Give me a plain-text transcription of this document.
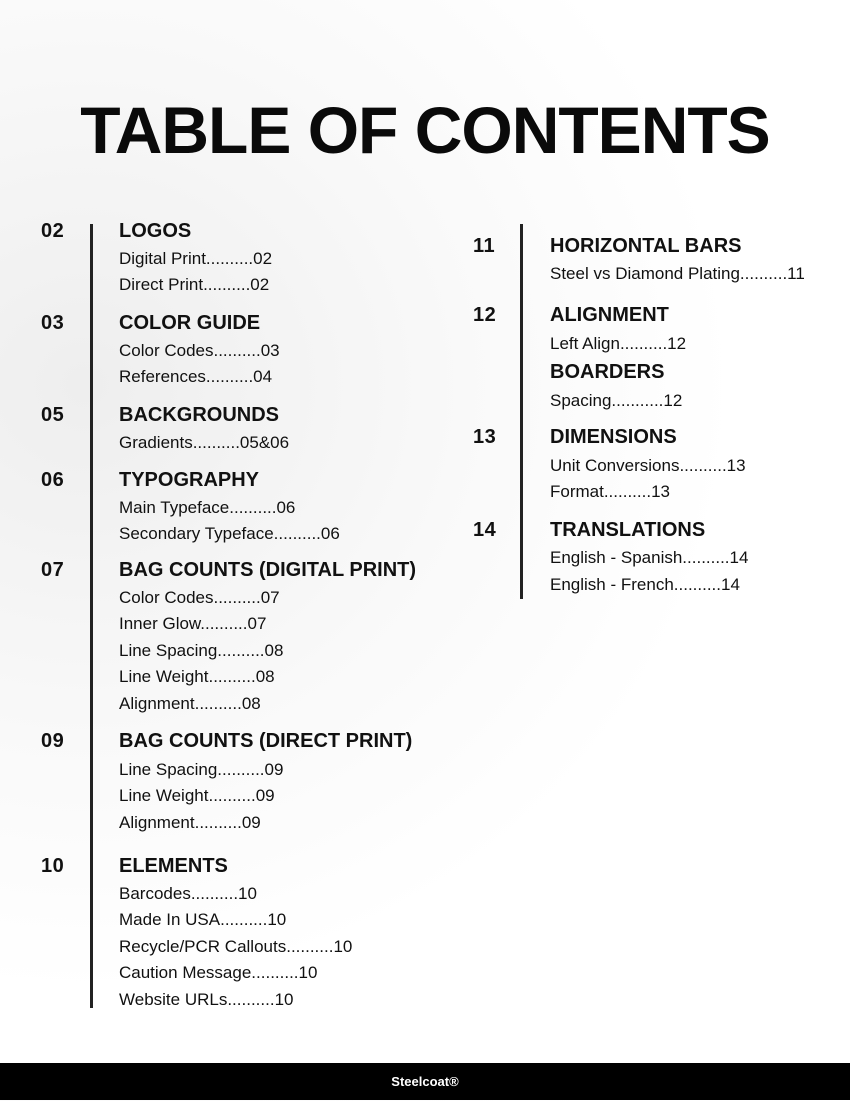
TABLE OF CONTENTS
02	LOGOS
Digital Print..........02
Direct Print..........02
03	COLOR GUIDE
Color Codes..........03
References..........04
05	BACKGROUNDS
Gradients..........05&06
06	TYPOGRAPHY
Main Typeface..........06
Secondary Typeface..........06
07	BAG COUNTS (DIGITAL PRINT)
Color Codes..........07
Inner Glow..........07
Line Spacing..........08
Line Weight..........08
Alignment..........08
09	BAG COUNTS (DIRECT PRINT)
Line Spacing..........09
Line Weight..........09
Alignment..........09
10	ELEMENTS
Barcodes..........10
Made In USA..........10
Recycle/PCR Callouts..........10
Caution Message..........10
Website URLs..........10
11	HORIZONTAL BARS
Steel vs Diamond Plating..........11
12	ALIGNMENT
Left Align..........12
BOARDERS
Spacing...........12
13	DIMENSIONS
Unit Conversions..........13
Format..........13
14	TRANSLATIONS
English - Spanish..........14
English - French..........14
Steelcoat®
